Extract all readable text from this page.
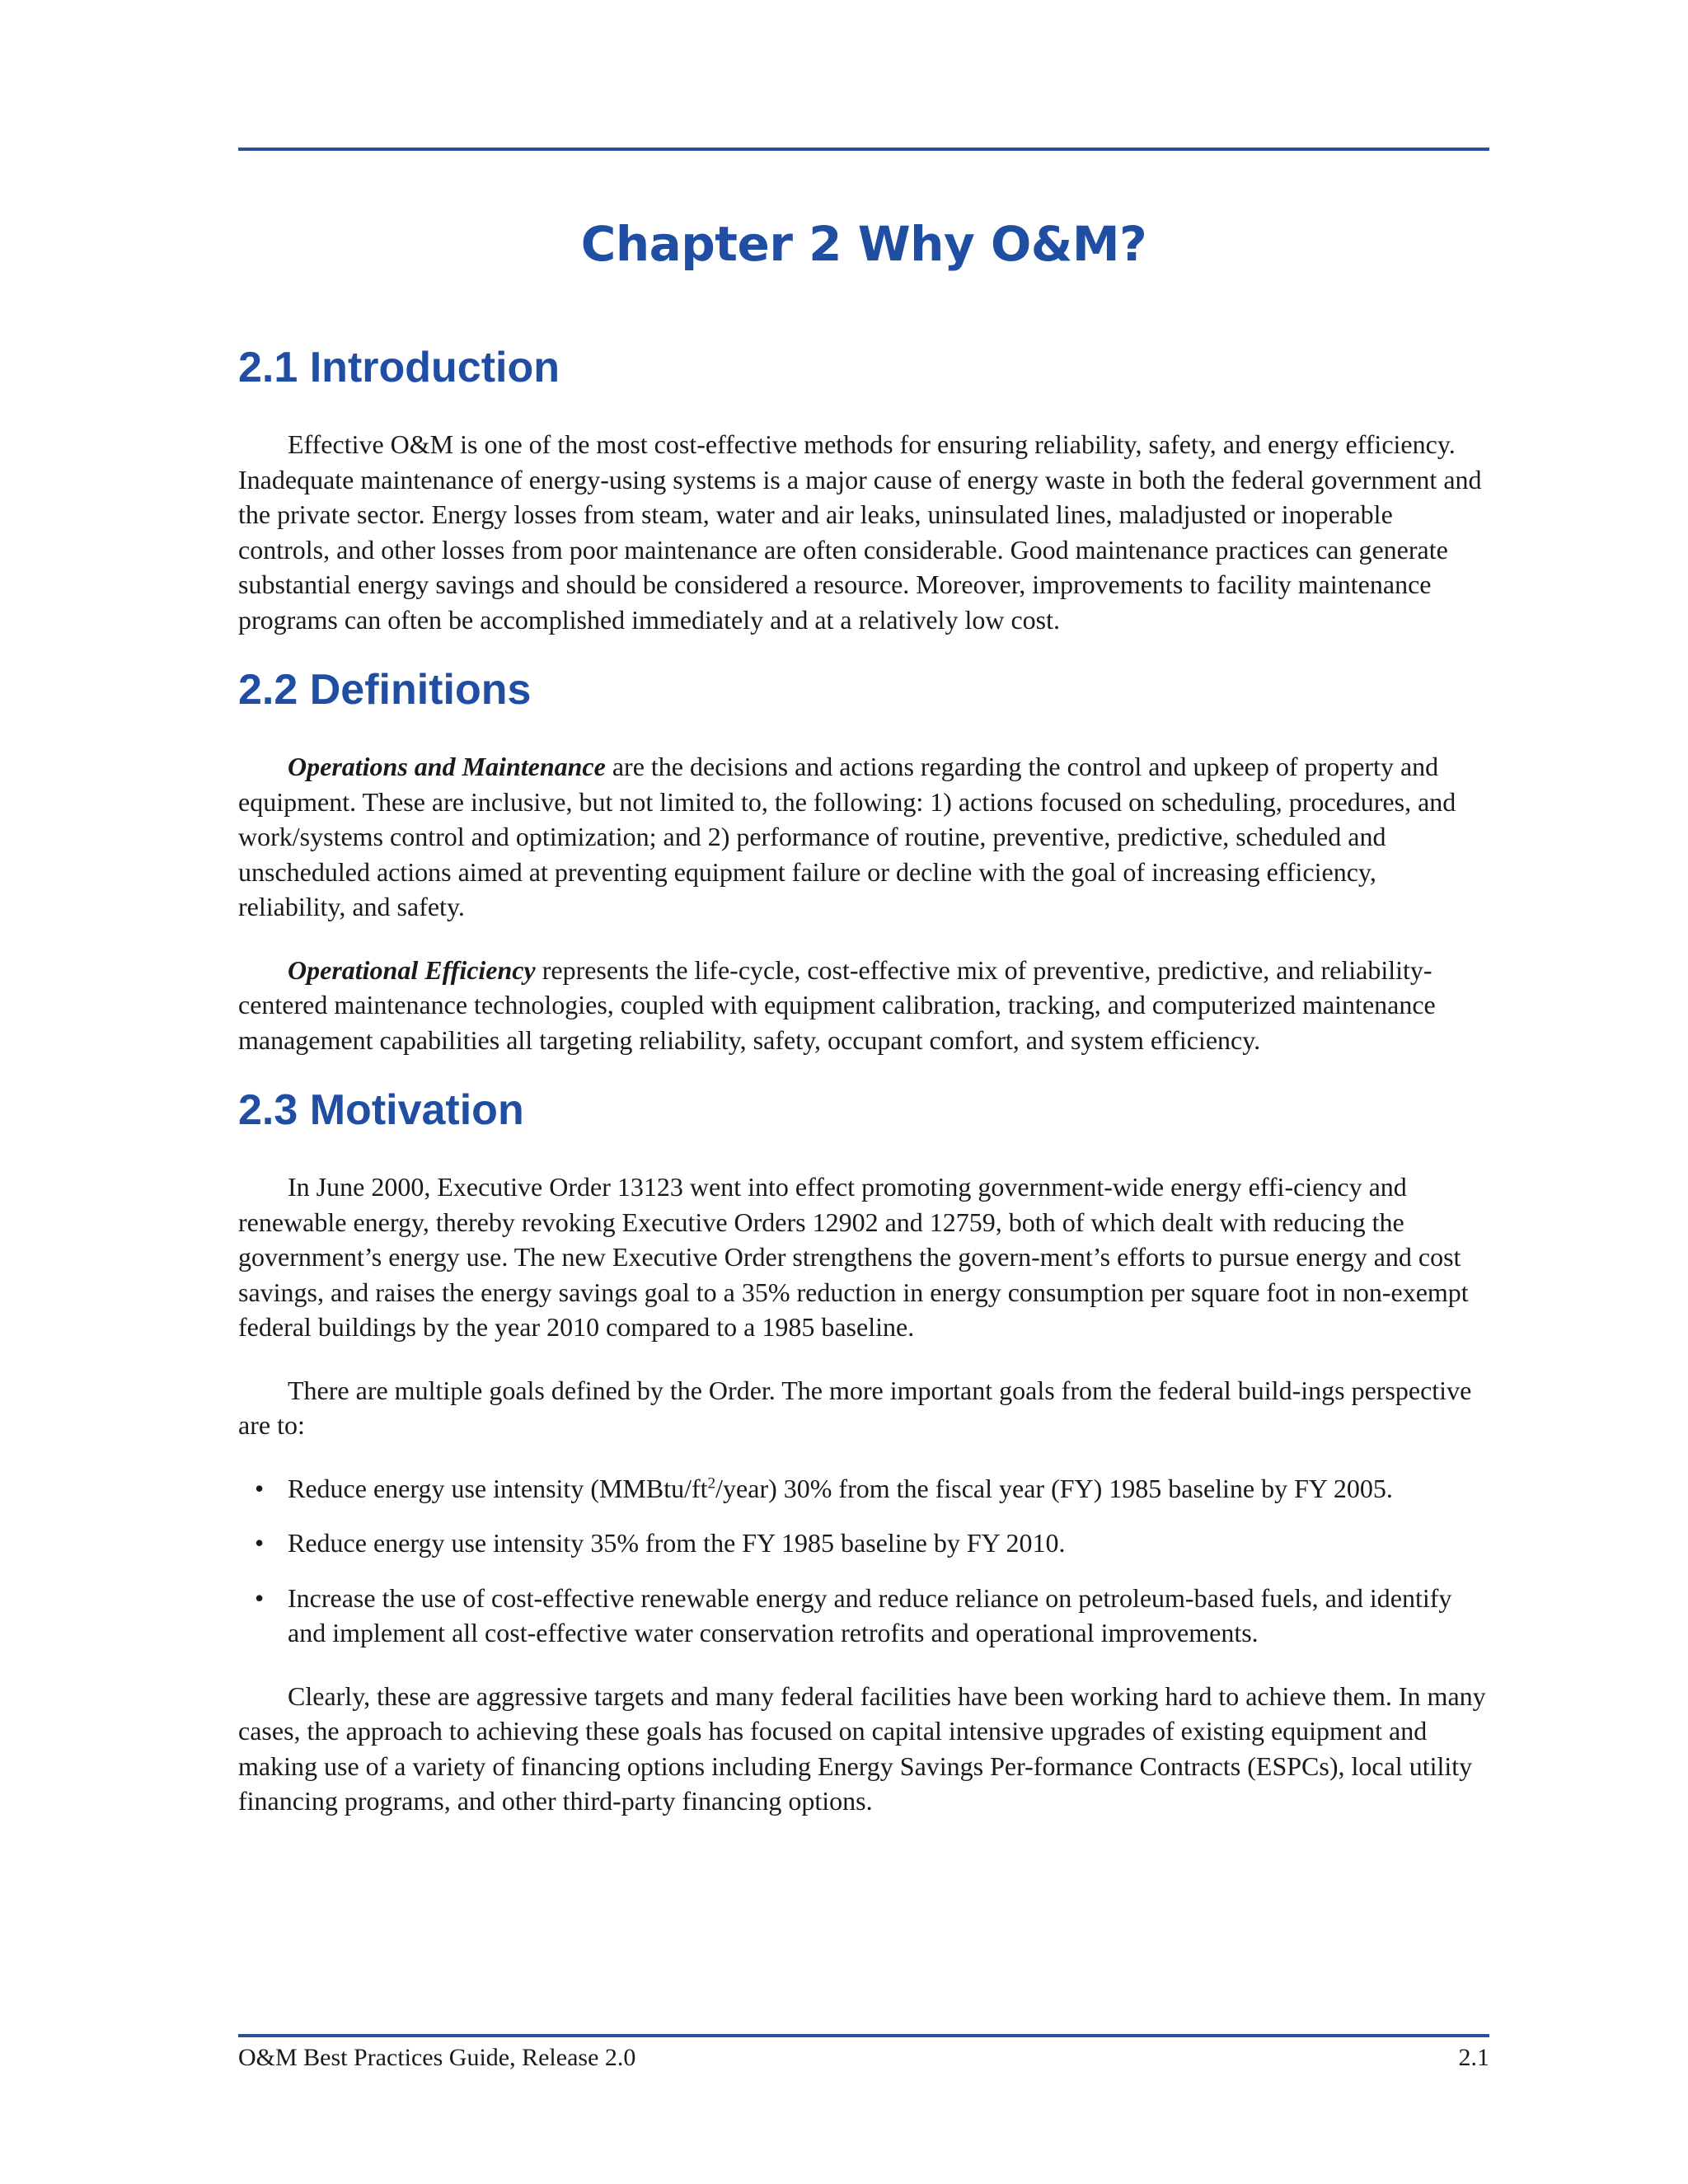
Chapter 2 Why O&M?
2.1 Introduction

Effective O&M is one of the most cost-effective methods for ensuring reliability, safety, and energy efficiency. Inadequate maintenance of energy-using systems is a major cause of energy waste in both the federal government and the private sector. Energy losses from steam, water and air leaks, uninsulated lines, maladjusted or inoperable controls, and other losses from poor maintenance are often considerable. Good maintenance practices can generate substantial energy savings and should be considered a resource. Moreover, improvements to facility maintenance programs can often be accomplished immediately and at a relatively low cost.

2.2 Definitions

Operations and Maintenance are the decisions and actions regarding the control and upkeep of property and equipment. These are inclusive, but not limited to, the following: 1) actions focused on scheduling, procedures, and work/systems control and optimization; and 2) performance of routine, preventive, predictive, scheduled and unscheduled actions aimed at preventing equipment failure or decline with the goal of increasing efficiency, reliability, and safety.

Operational Efficiency represents the life-cycle, cost-effective mix of preventive, predictive, and reliability-centered maintenance technologies, coupled with equipment calibration, tracking, and computerized maintenance management capabilities all targeting reliability, safety, occupant comfort, and system efficiency.

2.3 Motivation

In June 2000, Executive Order 13123 went into effect promoting government-wide energy effi-ciency and renewable energy, thereby revoking Executive Orders 12902 and 12759, both of which dealt with reducing the government’s energy use. The new Executive Order strengthens the govern-ment’s efforts to pursue energy and cost savings, and raises the energy savings goal to a 35% reduction in energy consumption per square foot in non-exempt federal buildings by the year 2010 compared to a 1985 baseline.

There are multiple goals defined by the Order. The more important goals from the federal build-ings perspective are to:

• Reduce energy use intensity $(MMBtu/ft^2/year)$ 30% from the fiscal year (FY) 1985 baseline by FY 2005.
• Reduce energy use intensity 35% from the FY 1985 baseline by FY 2010.
• Increase the use of cost-effective renewable energy and reduce reliance on petroleum-based fuels, and identify and implement all cost-effective water conservation retrofits and operational improvements.

Clearly, these are aggressive targets and many federal facilities have been working hard to achieve them. In many cases, the approach to achieving these goals has focused on capital intensive upgrades of existing equipment and making use of a variety of financing options including Energy Savings Per-formance Contracts (ESPCs), local utility financing programs, and other third-party financing options.

O&M Best Practices Guide, Release 2.0	2.1
